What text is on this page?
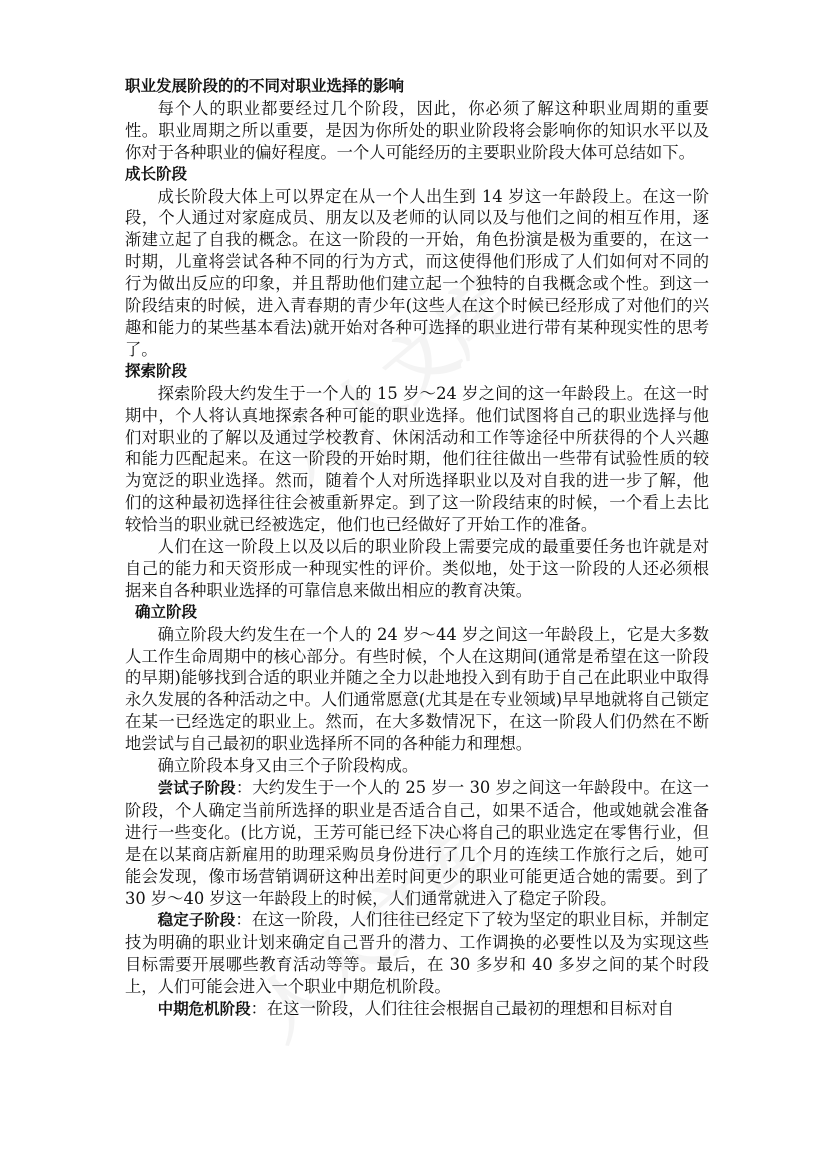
职业发展阶段的的不同对职业选择的影响

每个人的职业都要经过几个阶段，因此，你必须了解这种职业周期的重要性。职业周期之所以重要，是因为你所处的职业阶段将会影响你的知识水平以及你对于各种职业的偏好程度。一个人可能经历的主要职业阶段大体可总结如下。

成长阶段

成长阶段大体上可以界定在从一个人出生到 14 岁这一年龄段上。在这一阶段，个人通过对家庭成员、朋友以及老师的认同以及与他们之间的相互作用，逐渐建立起了自我的概念。在这一阶段的一开始，角色扮演是极为重要的，在这一时期，儿童将尝试各种不同的行为方式，而这使得他们形成了人们如何对不同的行为做出反应的印象，并且帮助他们建立起一个独特的自我概念或个性。到这一阶段结束的时候，进入青春期的青少年(这些人在这个时候已经形成了对他们的兴趣和能力的某些基本看法)就开始对各种可选择的职业进行带有某种现实性的思考了。

探索阶段

探索阶段大约发生于一个人的 15 岁～24 岁之间的这一年龄段上。在这一时期中，个人将认真地探索各种可能的职业选择。他们试图将自己的职业选择与他们对职业的了解以及通过学校教育、休闲活动和工作等途径中所获得的个人兴趣和能力匹配起来。在这一阶段的开始时期，他们往往做出一些带有试验性质的较为宽泛的职业选择。然而，随着个人对所选择职业以及对自我的进一步了解，他们的这种最初选择往往会被重新界定。到了这一阶段结束的时候，一个看上去比较恰当的职业就已经被选定，他们也已经做好了开始工作的准备。

人们在这一阶段上以及以后的职业阶段上需要完成的最重要任务也许就是对自己的能力和天资形成一种现实性的评价。类似地，处于这一阶段的人还必须根据来自各种职业选择的可靠信息来做出相应的教育决策。

确立阶段

确立阶段大约发生在一个人的 24 岁～44 岁之间这一年龄段上，它是大多数人工作生命周期中的核心部分。有些时候，个人在这期间(通常是希望在这一阶段的早期)能够找到合适的职业并随之全力以赴地投入到有助于自己在此职业中取得永久发展的各种活动之中。人们通常愿意(尤其是在专业领域)早早地就将自己锁定在某一已经选定的职业上。然而，在大多数情况下，在这一阶段人们仍然在不断地尝试与自己最初的职业选择所不同的各种能力和理想。

确立阶段本身又由三个子阶段构成。

尝试子阶段：大约发生于一个人的 25 岁一 30 岁之间这一年龄段中。在这一阶段，个人确定当前所选择的职业是否适合自己，如果不适合，他或她就会准备进行一些变化。(比方说，王芳可能已经下决心将自己的职业选定在零售行业，但是在以某商店新雇用的助理采购员身份进行了几个月的连续工作旅行之后，她可能会发现，像市场营销调研这种出差时间更少的职业可能更适合她的需要。到了 30 岁～40 岁这一年龄段上的时候，人们通常就进入了稳定子阶段。

稳定子阶段：在这一阶段，人们往往已经定下了较为坚定的职业目标，并制定技为明确的职业计划来确定自己晋升的潜力、工作调换的必要性以及为实现这些目标需要开展哪些教育活动等等。最后，在 30 多岁和 40 多岁之间的某个时段上，人们可能会进入一个职业中期危机阶段。

中期危机阶段：在这一阶段，人们往往会根据自己最初的理想和目标对自
